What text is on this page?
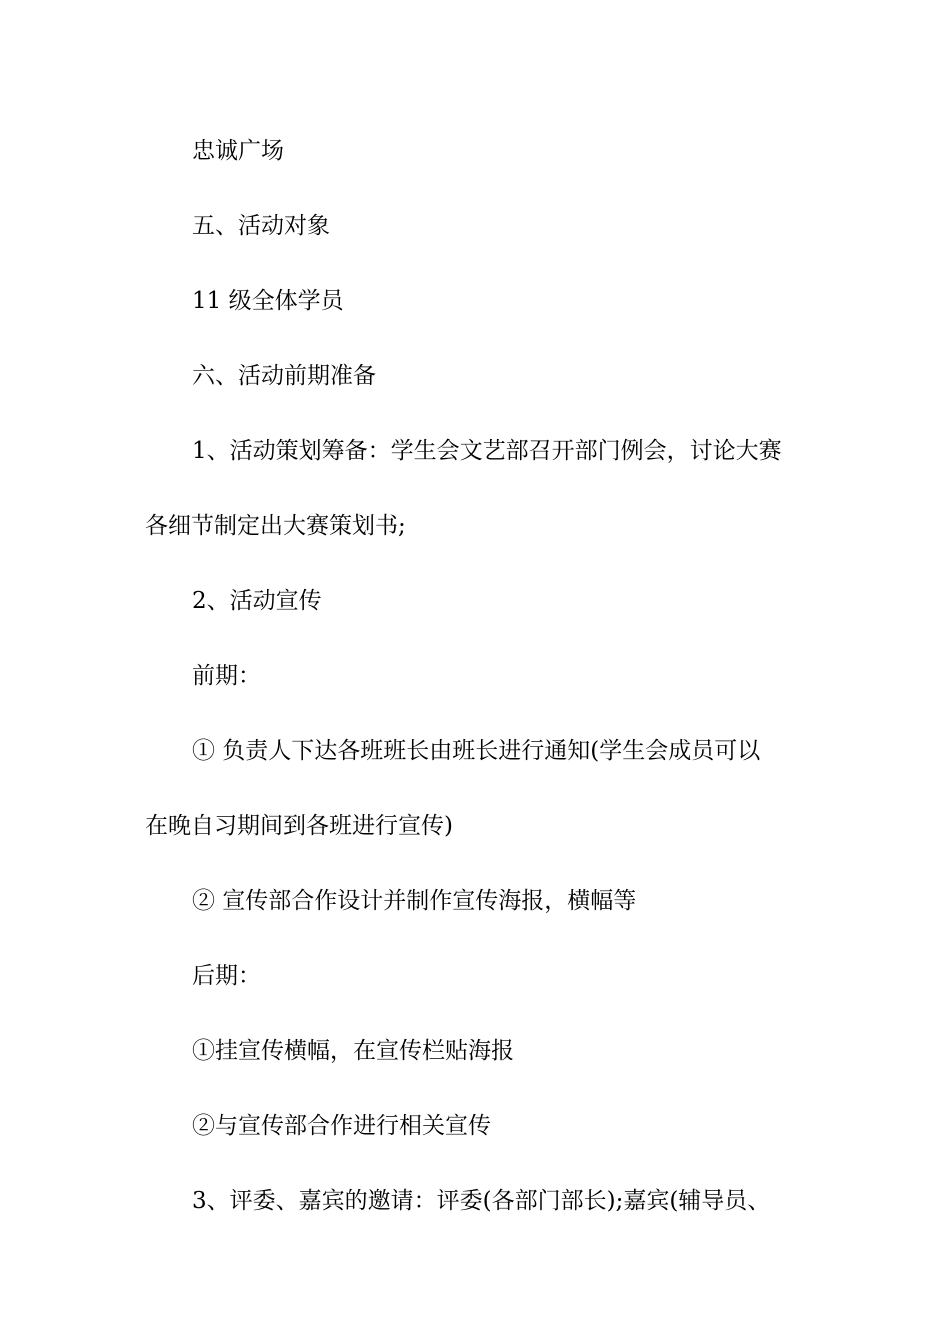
忠诚广场

五、活动对象

11 级全体学员

六、活动前期准备

1、活动策划筹备：学生会文艺部召开部门例会，讨论大赛

各细节制定出大赛策划书;

2、活动宣传

前期：

① 负责人下达各班班长由班长进行通知(学生会成员可以

在晚自习期间到各班进行宣传)

② 宣传部合作设计并制作宣传海报，横幅等

后期：

①挂宣传横幅，在宣传栏贴海报

②与宣传部合作进行相关宣传

3、评委、嘉宾的邀请：评委(各部门部长);嘉宾(辅导员、
